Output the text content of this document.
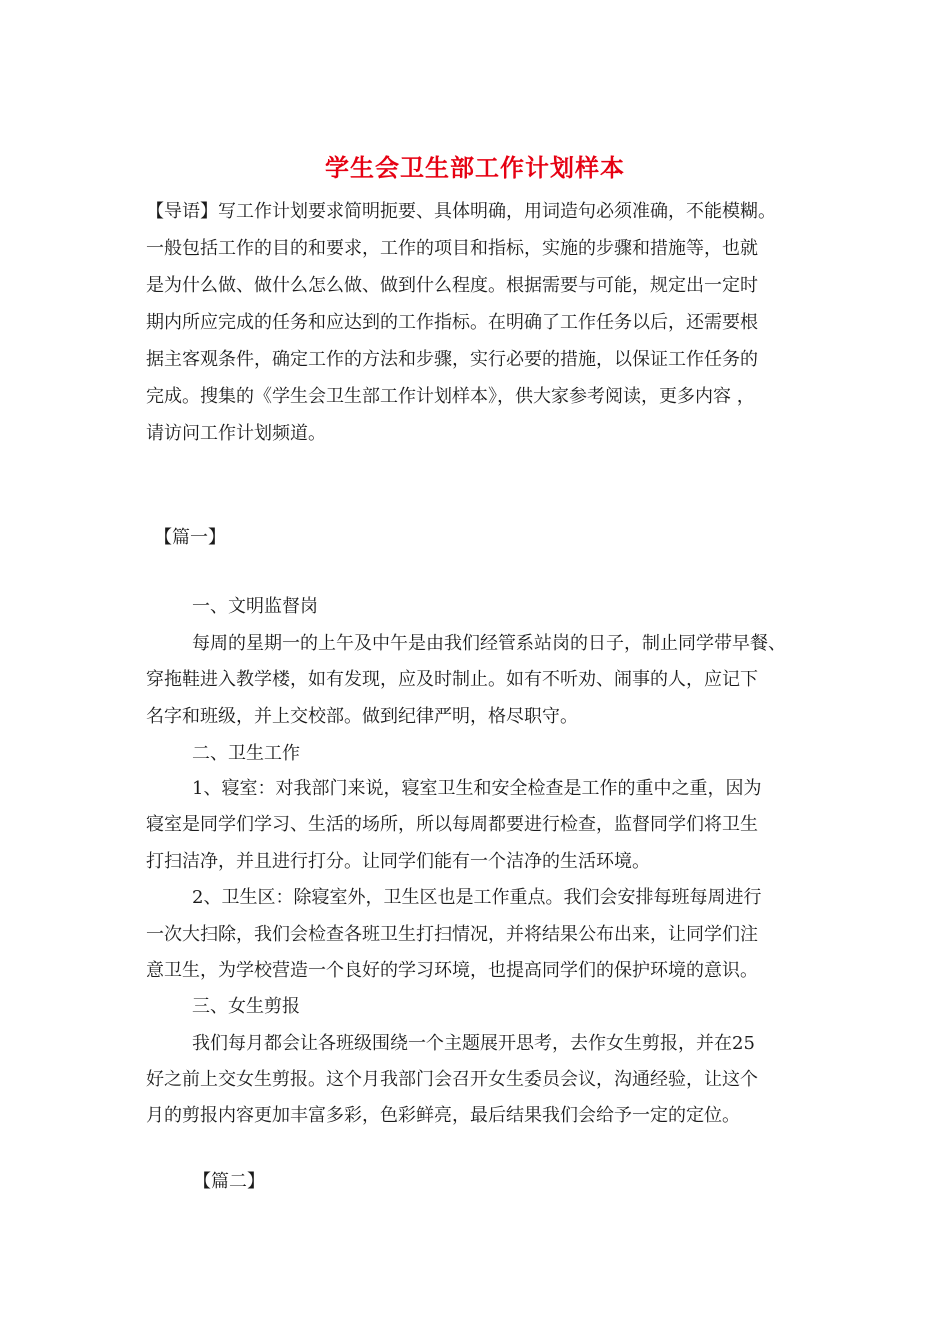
学生会卫生部工作计划样本

【导语】写工作计划要求简明扼要、具体明确，用词造句必须准确，不能模糊。

一般包括工作的目的和要求，工作的项目和指标，实施的步骤和措施等，也就

是为什么做、做什么怎么做、做到什么程度。根据需要与可能，规定出一定时

期内所应完成的任务和应达到的工作指标。在明确了工作任务以后，还需要根

据主客观条件，确定工作的方法和步骤，实行必要的措施，以保证工作任务的

完成。搜集的《学生会卫生部工作计划样本》，供大家参考阅读，更多内容 ，

请访问工作计划频道。

【篇一】

一、文明监督岗

每周的星期一的上午及中午是由我们经管系站岗的日子，制止同学带早餐、

穿拖鞋进入教学楼，如有发现，应及时制止。如有不听劝、闹事的人，应记下

名字和班级，并上交校部。做到纪律严明，格尽职守。

二、卫生工作

1、寝室：对我部门来说，寝室卫生和安全检查是工作的重中之重，因为

寝室是同学们学习、生活的场所，所以每周都要进行检查，监督同学们将卫生

打扫洁净，并且进行打分。让同学们能有一个洁净的生活环境。

2、卫生区：除寝室外，卫生区也是工作重点。我们会安排每班每周进行

一次大扫除，我们会检查各班卫生打扫情况，并将结果公布出来，让同学们注

意卫生，为学校营造一个良好的学习环境，也提高同学们的保护环境的意识。

三、女生剪报

我们每月都会让各班级围绕一个主题展开思考，去作女生剪报，并在25

好之前上交女生剪报。这个月我部门会召开女生委员会议，沟通经验，让这个

月的剪报内容更加丰富多彩，色彩鲜亮，最后结果我们会给予一定的定位。

【篇二】
